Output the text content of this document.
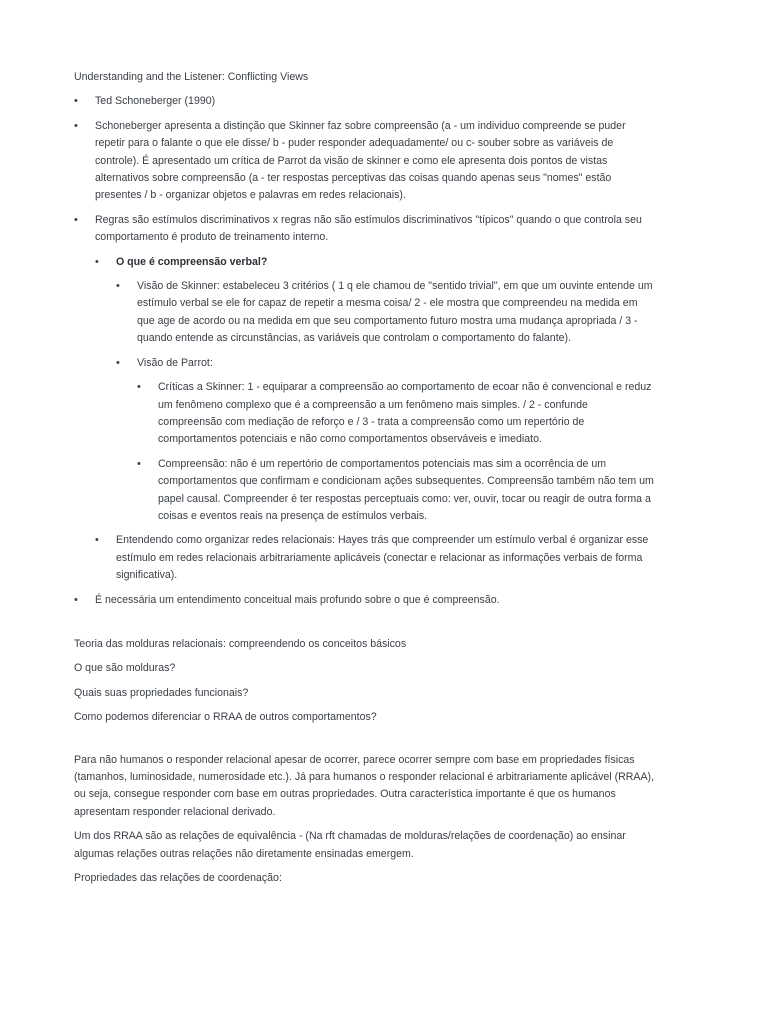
Understanding and the Listener: Conflicting Views

•
Ted Schoneberger (1990)
•
Schoneberger apresenta a distinção que Skinner faz sobre compreensão (a - um individuo compreende se puder repetir para o falante o que ele disse/ b - puder responder adequadamente/ ou c- souber sobre as variáveis de controle). É apresentado um crítica de Parrot da visão de skinner e como ele apresenta dois pontos de vistas alternativos sobre compreensão (a - ter respostas perceptivas das coisas quando apenas seus "nomes" estão presentes / b - organizar objetos e palavras em redes relacionais).
•
Regras são estímulos discriminativos x regras não são estímulos discriminativos "típicos" quando o que controla seu comportamento é produto de treinamento interno.
•
O que é compreensão verbal?
•
Visão de Skinner: estabeleceu 3 critérios ( 1 q ele chamou de "sentido trivial", em que um ouvinte entende um estímulo verbal se ele for capaz de repetir a mesma coisa/ 2 - ele mostra que compreendeu na medida em que age de acordo ou na medida em que seu comportamento futuro mostra uma mudança apropriada / 3 - quando entende as circunstâncias, as variáveis que controlam o comportamento do falante).
•
Visão de Parrot:
•
Críticas a Skinner: 1 - equiparar a compreensão ao comportamento de ecoar não é convencional e reduz um fenômeno complexo que é a compreensão a um fenômeno mais simples. / 2 - confunde compreensão com mediação de reforço e / 3 - trata a compreensão como um repertório de comportamentos potenciais e não como comportamentos observáveis e imediato.
•
Compreensão: não é um repertório de comportamentos potenciais mas sim a ocorrência de um comportamentos que confirmam e condicionam ações subsequentes. Compreensão também não tem um papel causal. Compreender é ter respostas perceptuais como: ver, ouvir, tocar ou reagir de outra forma a coisas e eventos reais na presença de estímulos verbais.
•
Entendendo como organizar redes relacionais: Hayes trás que compreender um estímulo verbal é organizar esse estímulo em redes relacionais arbitrariamente aplicáveis (conectar e relacionar as informações verbais de forma significativa).
•
É necessária um entendimento conceitual mais profundo sobre o que é compreensão.

Teoria das molduras relacionais: compreendendo os conceitos básicos

O que são molduras?

Quais suas propriedades funcionais?

Como podemos diferenciar o RRAA de outros comportamentos?

Para não humanos o responder relacional apesar de ocorrer, parece ocorrer sempre com base em propriedades físicas (tamanhos, luminosidade, numerosidade etc.). Já para humanos o responder relacional é arbitrariamente aplicável (RRAA), ou seja, consegue responder com base em outras propriedades. Outra característica importante é que os humanos apresentam responder relacional derivado.

Um dos RRAA são as relações de equivalência - (Na rft chamadas de molduras/relações de coordenação) ao ensinar algumas relações outras relações não diretamente ensinadas emergem.

Propriedades das relações de coordenação:
